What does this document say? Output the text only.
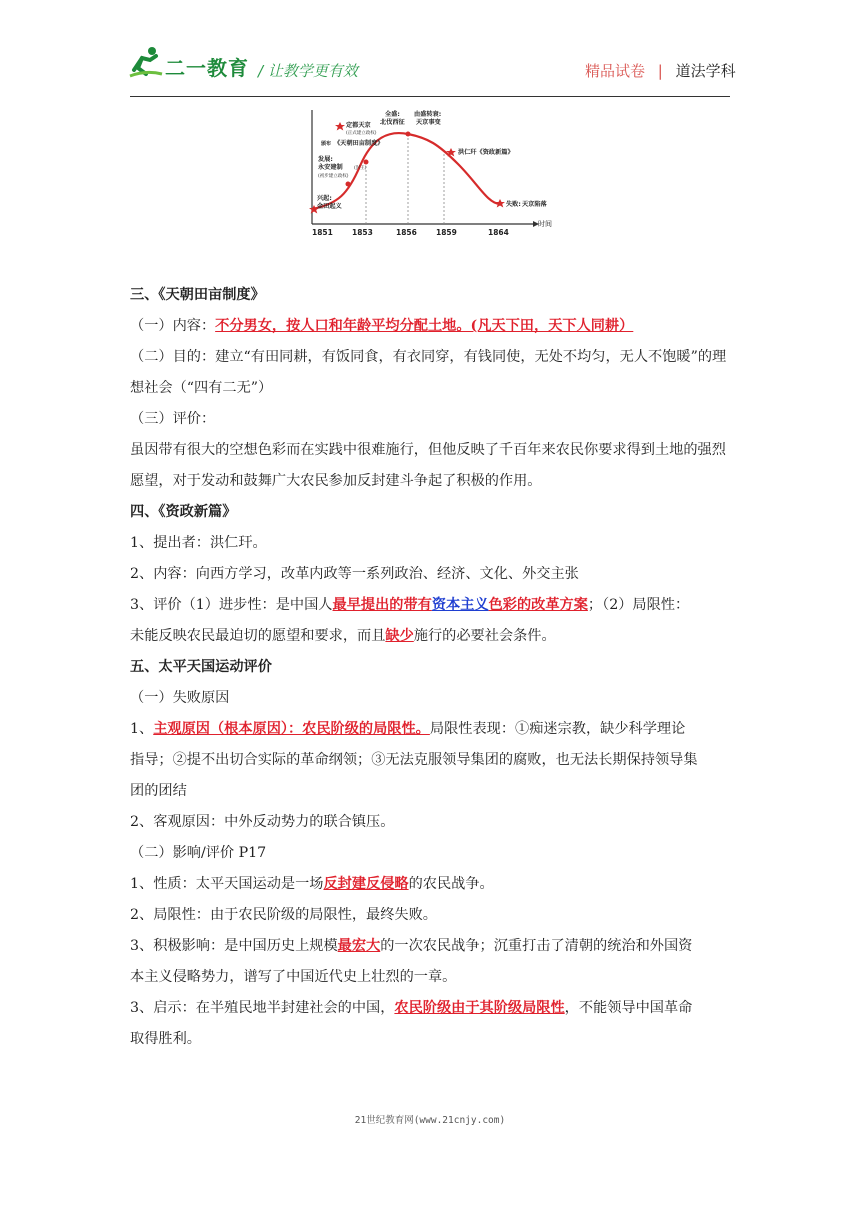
二一教育 / 让教学更有效	精品试卷 | 道法学科
时间
1851	1853	1856	1859	1864
兴起:
金田起义
发展:
永安建制	(封王)
(初步建立政权)
定都天京
(正式建立政权)
颁布 《天朝田亩制度》
全盛:
北伐西征
由盛转衰:
天京事变
洪仁玕《资政新篇》
失败: 天京陷落
三、《天朝田亩制度》
（一）内容：不分男女，按人口和年龄平均分配土地。(凡天下田，天下人同耕）
（二）目的：建立“有田同耕，有饭同食，有衣同穿，有钱同使，无处不均匀，无人不饱暖”的理想社会（“四有二无”）
（三）评价：
虽因带有很大的空想色彩而在实践中很难施行，但他反映了千百年来农民你要求得到土地的强烈愿望，对于发动和鼓舞广大农民参加反封建斗争起了积极的作用。
四、《资政新篇》
1、提出者：洪仁玕。
2、内容：向西方学习，改革内政等一系列政治、经济、文化、外交主张
3、评价（1）进步性：是中国人最早提出的带有资本主义色彩的改革方案；（2）局限性：
未能反映农民最迫切的愿望和要求，而且缺少施行的必要社会条件。
五、太平天国运动评价
（一）失败原因
1、主观原因（根本原因）：农民阶级的局限性。局限性表现：①痴迷宗教，缺少科学理论
指导；②提不出切合实际的革命纲领；③无法克服领导集团的腐败，也无法长期保持领导集
团的团结
2、客观原因：中外反动势力的联合镇压。
（二）影响/评价 P17
1、性质：太平天国运动是一场反封建反侵略的农民战争。
2、局限性：由于农民阶级的局限性，最终失败。
3、积极影响：是中国历史上规模最宏大的一次农民战争；沉重打击了清朝的统治和外国资
本主义侵略势力，谱写了中国近代史上壮烈的一章。
3、启示：在半殖民地半封建社会的中国，农民阶级由于其阶级局限性，不能领导中国革命
取得胜利。
21世纪教育网(www.21cnjy.com)
